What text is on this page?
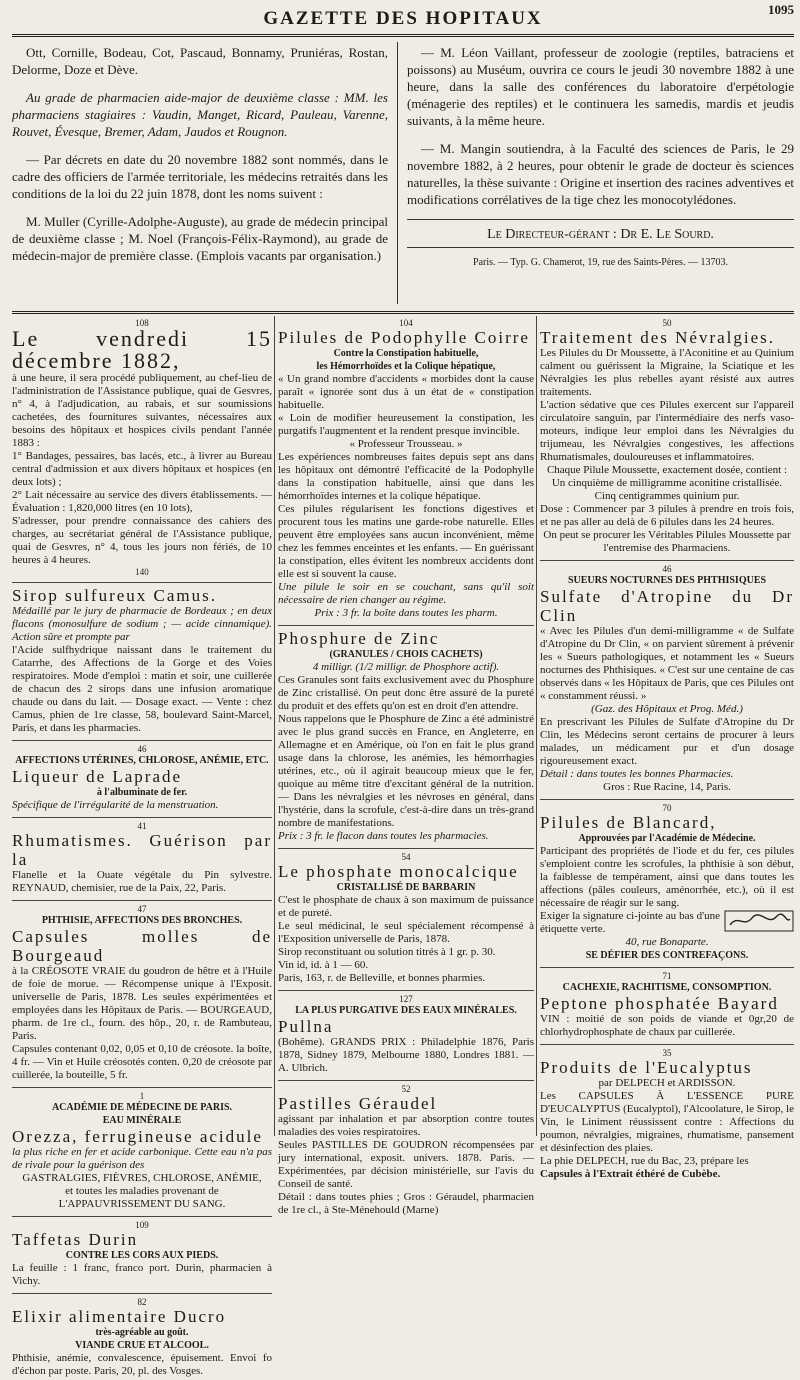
GAZETTE DES HOPITAUX	1095

Ott, Cornille, Bodeau, Cot, Pascaud, Bonnamy, Pruniéras, Rostan, Delorme, Doze et Dève.

Au grade de pharmacien aide-major de deuxième classe : MM. les pharmaciens stagiaires : Vaudin, Manget, Ricard, Pauleau, Varenne, Rouvet, Évesque, Bremer, Adam, Jaudos et Rougnon.

— Par décrets en date du 20 novembre 1882 sont nommés, dans le cadre des officiers de l'armée territoriale, les médecins retraités dans les conditions de la loi du 22 juin 1878, dont les noms suivent :

M. Muller (Cyrille-Adolphe-Auguste), au grade de médecin principal de deuxième classe ; M. Noel (François-Félix-Raymond), au grade de médecin-major de première classe. (Emplois vacants par organisation.)

— M. Léon Vaillant, professeur de zoologie (reptiles, batraciens et poissons) au Muséum, ouvrira ce cours le jeudi 30 novembre 1882 à une heure, dans la salle des conférences du laboratoire d'erpétologie (ménagerie des reptiles) et le continuera les samedis, mardis et jeudis suivants, à la même heure.

— M. Mangin soutiendra, à la Faculté des sciences de Paris, le 29 novembre 1882, à 2 heures, pour obtenir le grade de docteur ès sciences naturelles, la thèse suivante : Origine et insertion des racines adventives et modifications corrélatives de la tige chez les monocotylédones.

Le Directeur-gérant : Dr E. Le Sourd.
Paris. — Typ. G. Chamerot, 19, rue des Saints-Pères. — 13703.
108
Le vendredi 15 décembre 1882,
à une heure, il sera procédé publiquement, au chef-lieu de l'administration de l'Assistance publique, quai de Gesvres, n° 4, à l'adjudication, au rabais, et sur soumissions cachetées, des fournitures suivantes, nécessaires aux besoins des hôpitaux et hospices civils pendant l'année 1883 :
1° Bandages, pessaires, bas lacés, etc., à livrer au Bureau central d'admission et aux divers hôpitaux et hospices (en deux lots) ;
2° Lait nécessaire au service des divers établissements. — Évaluation : 1,820,000 litres (en 10 lots),
S'adresser, pour prendre connaissance des cahiers des charges, au secrétariat général de l'Assistance publique, quai de Gesvres, n° 4, tous les jours non fériés, de 10 heures à 4 heures.
140
Sirop sulfureux Camus.
Médaillé par le jury de pharmacie de Bordeaux ; en deux flacons (monosulfure de sodium ; — acide cinnamique). Action sûre et prompte par
l'Acide sulfhydrique naissant dans le traitement du Catarrhe, des Affections de la Gorge et des Voies respiratoires. Mode d'emploi : matin et soir, une cuillerée de chacun des 2 sirops dans une infusion aromatique chaude ou dans du lait. — Dosage exact. — Vente : chez Camus, phien de 1re classe, 58, boulevard Saint-Marcel, Paris, et dans les pharmacies.
46
AFFECTIONS UTÉRINES, CHLOROSE, ANÉMIE, ETC.
Liqueur de Laprade
à l'albuminate de fer.
Spécifique de l'irrégularité de la menstruation.
41
Rhumatismes. Guérison par la
Flanelle et la Ouate végétale du Pin sylvestre. REYNAUD, chemisier, rue de la Paix, 22, Paris.
47
PHTHISIE, AFFECTIONS DES BRONCHES.
Capsules molles de Bourgeaud
à la CRÉOSOTE VRAIE du goudron de hêtre et à l'Huile de foie de morue. — Récompense unique à l'Exposit. universelle de Paris, 1878. Les seules expérimentées et employées dans les Hôpitaux de Paris. — BOURGEAUD, pharm. de 1re cl., fourn. des hôp., 20, r. de Rambuteau, Paris.
Capsules contenant 0,02, 0,05 et 0,10 de créosote. la boîte, 4 fr. — Vin et Huile créosotés conten. 0,20 de créosote par cuillerée, la bouteille, 5 fr.
1
ACADÉMIE DE MÉDECINE DE PARIS.
EAU MINÉRALE
Orezza, ferrugineuse acidule
la plus riche en fer et acide carbonique. Cette eau n'a pas de rivale pour la guérison des
GASTRALGIES, FIÈVRES, CHLOROSE, ANÉMIE,
et toutes les maladies provenant de
L'APPAUVRISSEMENT DU SANG.
109
Taffetas Durin
CONTRE LES CORS AUX PIEDS.
La feuille : 1 franc, franco port. Durin, pharmacien à Vichy.
82
Elixir alimentaire Ducro
très-agréable au goût.
VIANDE CRUE ET ALCOOL.
Phthisie, anémie, convalescence, épuisement. Envoi fo d'échon par poste. Paris, 20, pl. des Vosges.
104
Pilules de Podophylle Coirre
Contre la Constipation habituelle,
les Hémorrhoïdes et la Colique hépatique,
« Un grand nombre d'accidents « morbides dont la cause paraît « ignorée sont dus à un état de « constipation habituelle.
« Loin de modifier heureusement la constipation, les purgatifs l'augmentent et la rendent presque invincible.
« Professeur Trousseau. »
Les expériences nombreuses faites depuis sept ans dans les hôpitaux ont démontré l'efficacité de la Podophylle dans la constipation habituelle, ainsi que dans les hémorrhoïdes internes et la colique hépatique.
Ces pilules régularisent les fonctions digestives et procurent tous les matins une garde-robe naturelle. Elles peuvent être employées sans aucun inconvénient, même chez les femmes enceintes et les enfants. — En guérissant la constipation, elles évitent les nombreux accidents dont elle est si souvent la cause.
Une pilule le soir en se couchant, sans qu'il soit nécessaire de rien changer au régime.
Prix : 3 fr. la boîte dans toutes les pharm.
Phosphure de Zinc
(GRANULES / CHOIS CACHETS)
4 milligr. (1/2 milligr. de Phosphore actif).
Ces Granules sont faits exclusivement avec du Phosphure de Zinc cristallisé. On peut donc être assuré de la pureté du produit et des effets qu'on est en droit d'en attendre.
Nous rappelons que le Phosphure de Zinc a été administré avec le plus grand succès en France, en Angleterre, en Allemagne et en Amérique, où l'on en fait le plus grand usage dans la chlorose, les anémies, les hémorrhagies utérines, etc., où il agirait beaucoup mieux que le fer, quoique au même titre d'excitant général de la nutrition. — Dans les névralgies et les névroses en général, dans l'hystérie, dans la scrofule, c'est-à-dire dans un très-grand nombre de manifestations.
Prix : 3 fr. le flacon dans toutes les pharmacies.
54
Le phosphate monocalcique
CRISTALLISÉ DE BARBARIN
C'est le phosphate de chaux à son maximum de puissance et de pureté.
Le seul médicinal, le seul spécialement récompensé à l'Exposition universelle de Paris, 1878.
Sirop reconstituant ou solution titrés à 1 gr. p. 30.
Vin id, id. à 1 — 60.
Paris, 163, r. de Belleville, et bonnes pharmies.
127
LA PLUS PURGATIVE DES EAUX MINÉRALES.
Pullna
(Bohême). GRANDS PRIX : Philadelphie 1876, Paris 1878, Sidney 1879, Melbourne 1880, Londres 1881. — A. Ulbrich.
52
Pastilles Géraudel
agissant par inhalation et par absorption contre toutes maladies des voies respiratoires.
Seules PASTILLES DE GOUDRON récompensées par jury international, exposit. univers. 1878. Paris. — Expérimentées, par décision ministérielle, sur l'avis du Conseil de santé.
Détail : dans toutes phies ; Gros : Géraudel, pharmacien de 1re cl., à Ste-Ménehould (Marne)
50
Traitement des Névralgies.
Les Pilules du Dr Moussette, à l'Aconitine et au Quinium calment ou guérissent la Migraine, la Sciatique et les Névralgies les plus rebelles ayant résisté aux autres traitements.
L'action sédative que ces Pilules exercent sur l'appareil circulatoire sanguin, par l'intermédiaire des nerfs vaso-moteurs, indique leur emploi dans les Névralgies du trijumeau, les Névralgies congestives, les affections Rhumatismales, douloureuses et inflammatoires.
Chaque Pilule Moussette, exactement dosée, contient : Un cinquième de milligramme aconitine cristallisée. Cinq centigrammes quinium pur.
Dose : Commencer par 3 pilules à prendre en trois fois, et ne pas aller au delà de 6 pilules dans les 24 heures.
On peut se procurer les Véritables Pilules Moussette par l'entremise des Pharmaciens.
46
SUEURS NOCTURNES DES PHTHISIQUES
Sulfate d'Atropine du Dr Clin
« Avec les Pilules d'un demi-milligramme « de Sulfate d'Atropine du Dr Clin, « on parvient sûrement à prévenir les « Sueurs pathologiques, et notamment les « Sueurs nocturnes des Phthisiques. « C'est sur une centaine de cas observés dans « les Hôpitaux de Paris, que ces Pilules ont « constamment réussi. »
(Gaz. des Hôpitaux et Prog. Méd.)
En prescrivant les Pilules de Sulfate d'Atropine du Dr Clin, les Médecins seront certains de procurer à leurs malades, un médicament pur et d'un dosage rigoureusement exact.
Détail : dans toutes les bonnes Pharmacies.
Gros : Rue Racine, 14, Paris.
70
Pilules de Blancard,
Approuvées par l'Académie de Médecine.
Participant des propriétés de l'iode et du fer, ces pilules s'emploient contre les scrofules, la phthisie à son début, la faiblesse de tempérament, ainsi que dans toutes les affections (pâles couleurs, aménorrhée, etc.), où il est nécessaire de réagir sur le sang.
Exiger la signature ci-jointe au bas d'une étiquette verte.
40, rue Bonaparte.
SE DÉFIER DES CONTREFAÇONS.
71
CACHEXIE, RACHITISME, CONSOMPTION.
Peptone phosphatée Bayard
VIN : moitié de son poids de viande et 0gr,20 de chlorhydrophosphate de chaux par cuillerée.
35
Produits de l'Eucalyptus
par DELPECH et ARDISSON.
Les CAPSULES À L'ESSENCE PURE D'EUCALYPTUS (Eucalyptol), l'Alcoolature, le Sirop, le Vin, le Liniment réussissent contre : Affections du poumon, névralgies, migraines, rhumatisme, pansement et désinfection des plaies.
La phie DELPECH, rue du Bac, 23, prépare les
Capsules à l'Extrait éthéré de Cubèbe.
